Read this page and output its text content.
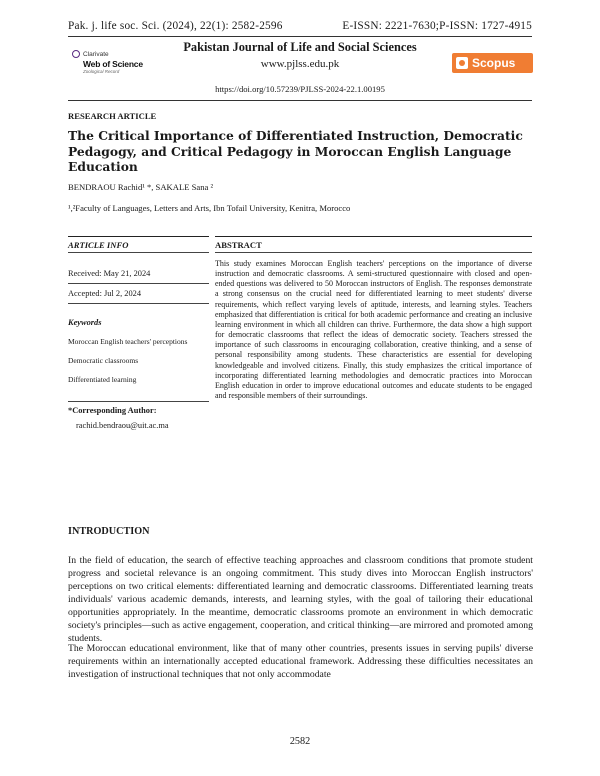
Pak. j. life soc. Sci. (2024), 22(1): 2582-2596	E-ISSN: 2221-7630;P-ISSN: 1727-4915
Clarivate
Web of Science
Zoological Record
Pakistan Journal of Life and Social Sciences
www.pjlss.edu.pk	Scopus
https://doi.org/10.57239/PJLSS-2024-22.1.00195
RESEARCH ARTICLE
The Critical Importance of Differentiated Instruction, Democratic Pedagogy, and Critical Pedagogy in Moroccan English Language Education
BENDRAOU Rachid¹ *, SAKALE Sana ²
¹,²Faculty of Languages, Letters and Arts, Ibn Tofail University, Kenitra, Morocco
ARTICLE INFO
Received: May 21, 2024
Accepted: Jul 2, 2024
Keywords
Moroccan English teachers' perceptions
Democratic classrooms
Differentiated learning
*Corresponding Author:
rachid.bendraou@uit.ac.ma
ABSTRACT
This study examines Moroccan English teachers' perceptions on the importance of diverse instruction and democratic classrooms. A semi-structured questionnaire with closed and open-ended questions was delivered to 50 Moroccan instructors of English. The responses demonstrate a strong consensus on the crucial need for differentiated learning to meet students' diverse requirements, which reflect varying levels of aptitude, interests, and learning styles. Teachers emphasized that differentiation is critical for both academic performance and creating an inclusive learning environment in which all children can thrive. Furthermore, the data show a high support for democratic classrooms that reflect the ideas of democratic society. Teachers stressed the importance of such classrooms in encouraging collaboration, creative thinking, and a sense of personal responsibility among students. These characteristics are essential for developing knowledgeable and involved citizens. Finally, this study emphasizes the critical importance of incorporating differentiated learning methodologies and democratic practices into Moroccan English education in order to improve educational outcomes and educate students to be engaged and responsible members of their surroundings.
INTRODUCTION
In the field of education, the search of effective teaching approaches and classroom conditions that promote student progress and societal relevance is an ongoing commitment. This study dives into Moroccan English instructors' perceptions on two critical elements: differentiated learning and democratic classrooms. Differentiated learning treats individuals' various academic demands, interests, and learning styles, with the goal of tailoring their educational opportunities appropriately. In the meantime, democratic classrooms promote an environment in which democratic society's principles—such as active engagement, cooperation, and critical thinking—are mirrored and promoted among students.
The Moroccan educational environment, like that of many other countries, presents issues in serving pupils' diverse requirements within an internationally accepted educational framework. Addressing these difficulties necessitates an investigation of instructional techniques that not only accommodate
2582
